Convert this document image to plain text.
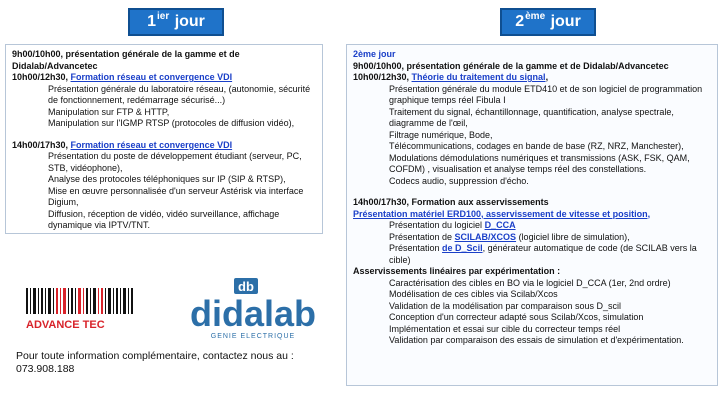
$1^{ier}$
jour	2ème
jour
9h00/10h00, présentation générale de la gamme et de Didalab/Advancetec
10h00/12h30, Formation réseau et convergence VDI
Présentation générale du laboratoire réseau, (autonomie, sécurité
de fonctionnement, redémarrage sécurisé...)
Manipulation sur FTP & HTTP,
Manipulation sur l'IGMP RTSP (protocoles de diffusion vidéo),
14h00/17h30, Formation réseau et convergence VDI
Présentation du poste de développement étudiant (serveur, PC,
STB, vidéophone),
Analyse des protocoles téléphoniques sur IP (SIP & RTSP),
Mise en œuvre personnalisée d'un serveur Astérisk via interface
Digium,
Diffusion, réception de vidéo, vidéo surveillance, affichage
dynamique via IPTV/TNT.
2ème jour
9h00/10h00, présentation générale de la gamme et de Didalab/Advancetec
10h00/12h30, Théorie du traitement du signal,
Présentation générale du module ETD410 et de son logiciel de programmation
graphique temps réel Fibula I
Traitement du signal, échantillonnage, quantification, analyse spectrale,
diagramme de l'œil,
Filtrage numérique, Bode,
Télécommunications, codages en bande de base (RZ, NRZ, Manchester),
Modulations démodulations numériques et transmissions (ASK, FSK, QAM,
COFDM) , visualisation et analyse temps réel des constellations.
Codecs audio, suppression d'écho.
14h00/17h30, Formation aux asservissements
Présentation matériel ERD100, asservissement de vitesse et position,
Présentation du logiciel D_CCA
Présentation de SCILAB/XCOS (logiciel libre de simulation),
Présentation de D_Scil, générateur automatique de code (de SCILAB vers la
cible)
Asservissements linéaires par expérimentation :
Caractérisation des cibles en BO via le logiciel D_CCA (1er, 2nd ordre)
Modélisation de ces cibles via Scilab/Xcos
Validation de la modélisation par comparaison sous D_scil
Conception d'un correcteur adapté sous Scilab/Xcos, simulation
Implémentation et essai sur cible du correcteur temps réel
Validation par comparaison des essais de simulation et d'expérimentation.
ADVANCE TEC
db
didalab
GENIE ELECTRIQUE
Pour toute information complémentaire, contactez nous au :
073.908.188
